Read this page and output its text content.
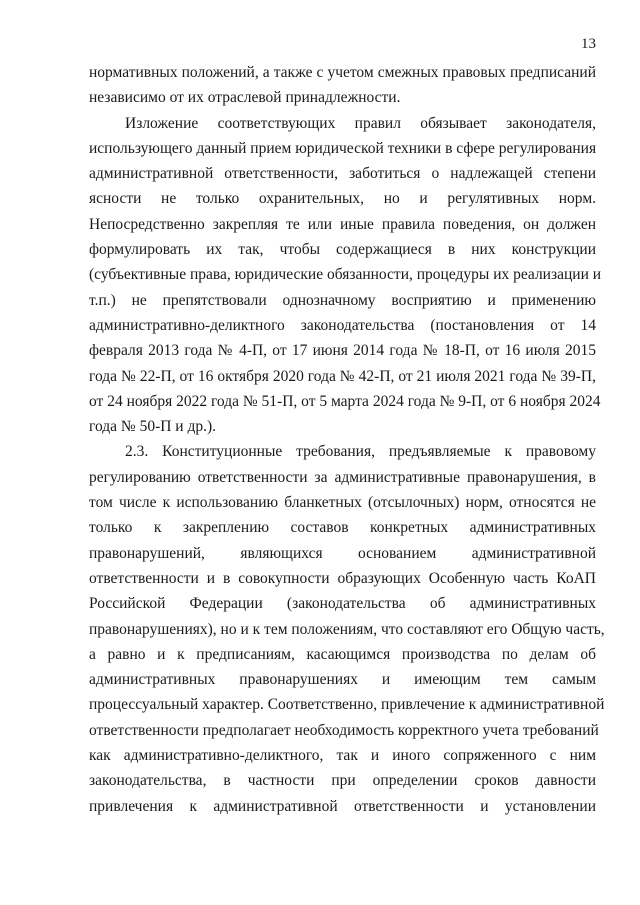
13
нормативных положений, а также с учетом смежных правовых предписаний
независимо от их отраслевой принадлежности.
Изложение соответствующих правил обязывает законодателя,
использующего данный прием юридической техники в сфере регулирования
административной ответственности, заботиться о надлежащей степени
ясности не только охранительных, но и регулятивных норм.
Непосредственно закрепляя те или иные правила поведения, он должен
формулировать их так, чтобы содержащиеся в них конструкции
(субъективные права, юридические обязанности, процедуры их реализации и
т.п.) не препятствовали однозначному восприятию и применению
административно-деликтного законодательства (постановления от 14
февраля 2013 года № 4-П, от 17 июня 2014 года № 18-П, от 16 июля 2015
года № 22-П, от 16 октября 2020 года № 42-П, от 21 июля 2021 года № 39-П,
от 24 ноября 2022 года № 51-П, от 5 марта 2024 года № 9-П, от 6 ноября 2024
года № 50-П и др.).
2.3. Конституционные требования, предъявляемые к правовому
регулированию ответственности за административные правонарушения, в
том числе к использованию бланкетных (отсылочных) норм, относятся не
только к закреплению составов конкретных административных
правонарушений, являющихся основанием административной
ответственности и в совокупности образующих Особенную часть КоАП
Российской Федерации (законодательства об административных
правонарушениях), но и к тем положениям, что составляют его Общую часть,
а равно и к предписаниям, касающимся производства по делам об
административных правонарушениях и имеющим тем самым
процессуальный характер. Соответственно, привлечение к административной
ответственности предполагает необходимость корректного учета требований
как административно-деликтного, так и иного сопряженного с ним
законодательства, в частности при определении сроков давности
привлечения к административной ответственности и установлении
